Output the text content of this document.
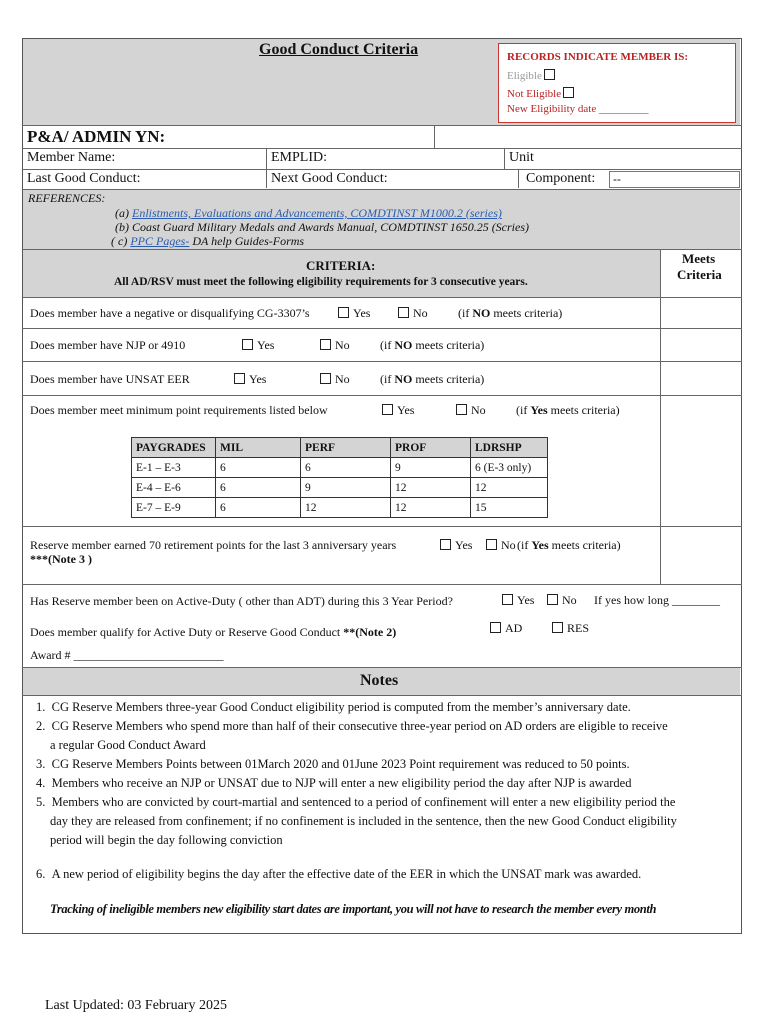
Good Conduct Criteria	RECORDS INDICATE MEMBER IS:
Eligible
Not Eligible
New Eligibility date _________
P&A/ ADMIN YN:
Member Name:	EMPLID:	Unit
Last Good Conduct:	Next Good Conduct:	Component:	--
REFERENCES:
(a) Enlistments, Evaluations and Advancements, COMDTINST M1000.2 (series)
(b) Coast Guard Military Medals and Awards Manual, COMDTINST 1650.25 (Scries)
( c) PPC Pages- DA help Guides-Forms
CRITERIA:
All AD/RSV must meet the following eligibility requirements for 3 consecutive years.
Meets
Criteria
Does member have a negative or disqualifying CG-3307’s	Yes	No	(if NO meets criteria)
Does member have NJP or 4910	Yes	No	(if NO meets criteria)
Does member have UNSAT EER	Yes	No	(if NO meets criteria)
Does member meet minimum point requirements listed below	Yes	No	(if Yes meets criteria)
PAYGRADES	MIL	PERF	PROF	LDRSHP
E-1 – E-3	6	6	9	6 (E-3 only)
E-4 – E-6	6	9	12	12
E-7 – E-9	6	12	12	15
Reserve member earned 70 retirement points for the last 3 anniversary years
***(Note 3 )
Yes	No (if Yes meets criteria)
Has Reserve member been on Active-Duty ( other than ADT) during this 3 Year Period?	Yes	No If yes how long ________
Does member qualify for Active Duty or Reserve Good Conduct **(Note 2)	AD	RES
Award # _________________________
Notes
1.  CG Reserve Members three-year Good Conduct eligibility period is computed from the member’s anniversary date.
2.  CG Reserve Members who spend more than half of their consecutive three-year period on AD orders are eligible to receive
a regular Good Conduct Award
3.  CG Reserve Members Points between 01March 2020 and 01June 2023 Point requirement was reduced to 50 points.
4.  Members who receive an NJP or UNSAT due to NJP will enter a new eligibility period the day after NJP is awarded
5.  Members who are convicted by court-martial and sentenced to a period of confinement will enter a new eligibility period the
day they are released from confinement; if no confinement is included in the sentence, then the new Good Conduct eligibility
period will begin the day following conviction
6.  A new period of eligibility begins the day after the effective date of the EER in which the UNSAT mark was awarded.
Tracking of ineligible members new eligibility start dates are important, you will not have to research the member every month
Last Updated: 03 February 2025
